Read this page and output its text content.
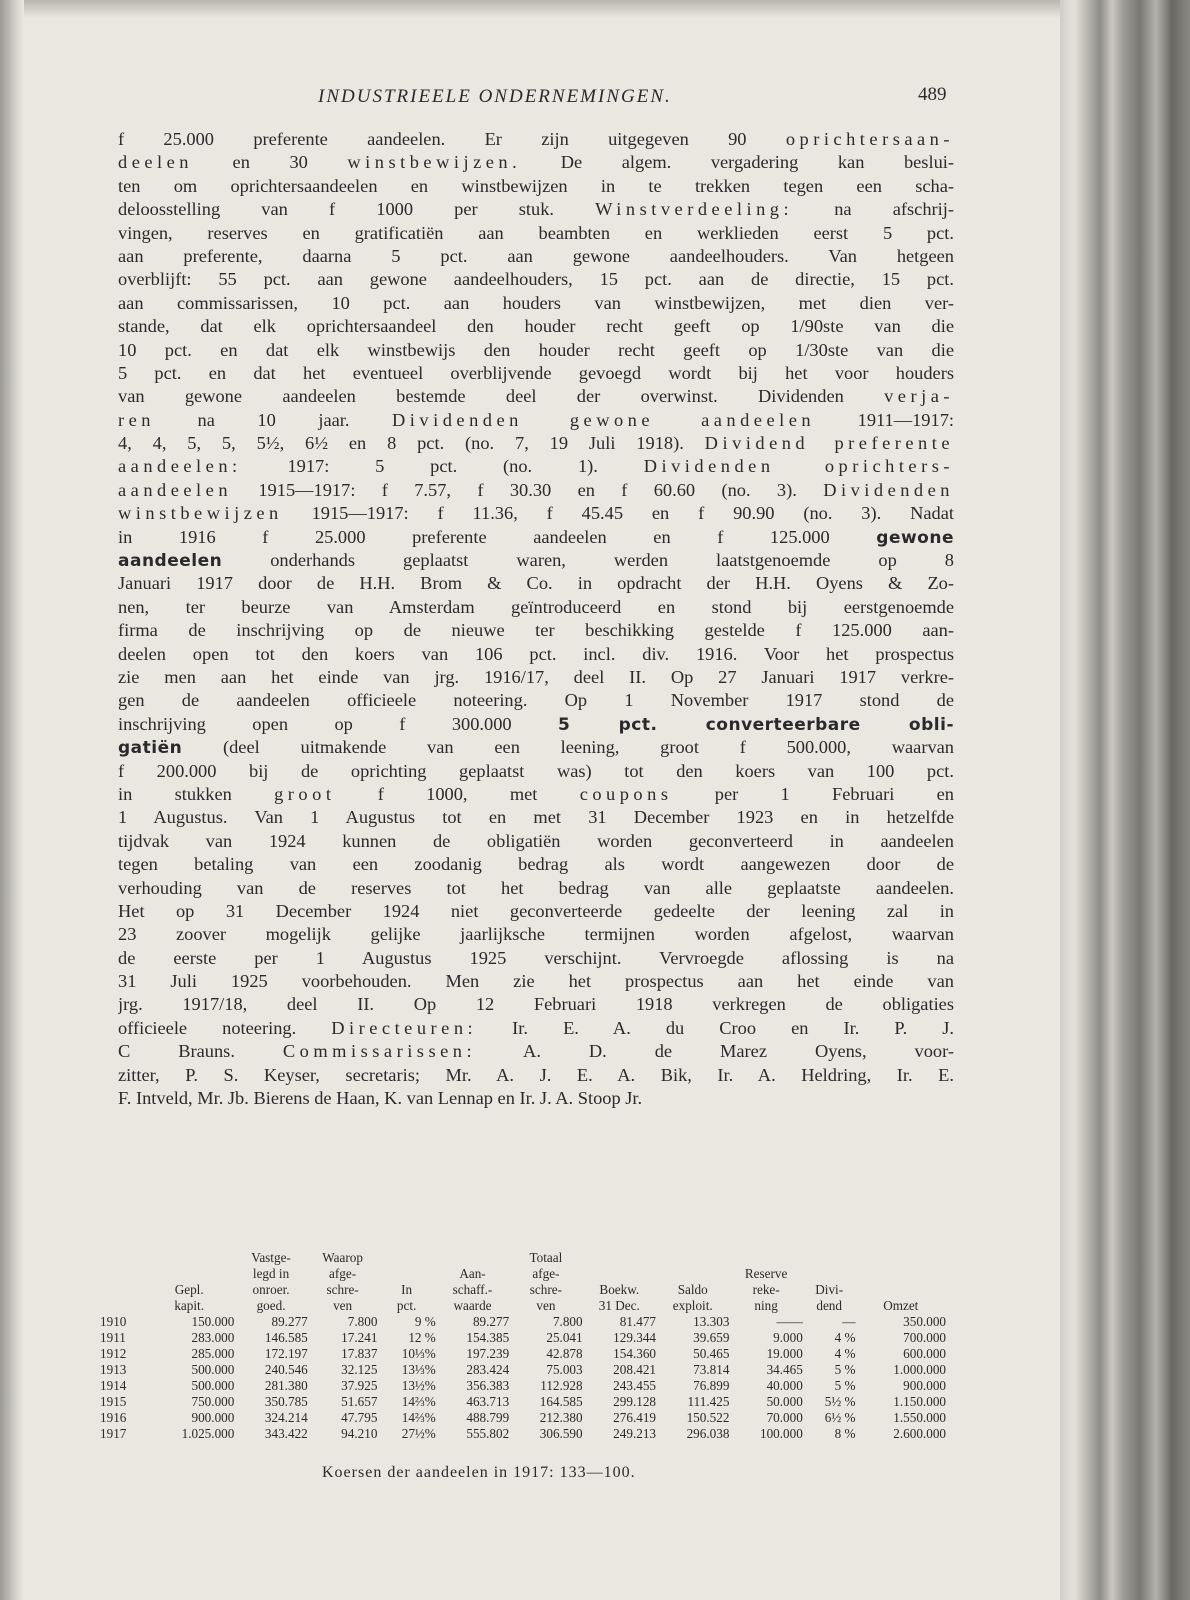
INDUSTRIEELE ONDERNEMINGEN.	489
f 25.000 preferente aandeelen. Er zijn uitgegeven 90 oprichtersaan-
deelen en 30 winstbewijzen. De algem. vergadering kan beslui-
ten om oprichtersaandeelen en winstbewijzen in te trekken tegen een scha-
deloosstelling van f 1000 per stuk. Winstverdeeling: na afschrij-
vingen, reserves en gratificatiën aan beambten en werklieden eerst 5 pct.
aan preferente, daarna 5 pct. aan gewone aandeelhouders. Van hetgeen
overblijft: 55 pct. aan gewone aandeelhouders, 15 pct. aan de directie, 15 pct.
aan commissarissen, 10 pct. aan houders van winstbewijzen, met dien ver-
stande, dat elk oprichtersaandeel den houder recht geeft op 1/90ste van die
10 pct. en dat elk winstbewijs den houder recht geeft op 1/30ste van die
5 pct. en dat het eventueel overblijvende gevoegd wordt bij het voor houders
van gewone aandeelen bestemde deel der overwinst. Dividenden verja-
ren na 10 jaar. Dividenden gewone aandeelen 1911—1917:
4, 4, 5, 5, 5½, 6½ en 8 pct. (no. 7, 19 Juli 1918). Dividend preferente
aandeelen: 1917: 5 pct. (no. 1). Dividenden oprichters-
aandeelen 1915—1917: f 7.57, f 30.30 en f 60.60 (no. 3). Dividenden
winstbewijzen 1915—1917: f 11.36, f 45.45 en f 90.90 (no. 3). Nadat
in 1916 f 25.000 preferente aandeelen en f 125.000 gewone
aandeelen onderhands geplaatst waren, werden laatstgenoemde op 8
Januari 1917 door de H.H. Brom & Co. in opdracht der H.H. Oyens & Zo-
nen, ter beurze van Amsterdam geïntroduceerd en stond bij eerstgenoemde
firma de inschrijving op de nieuwe ter beschikking gestelde f 125.000 aan-
deelen open tot den koers van 106 pct. incl. div. 1916. Voor het prospectus
zie men aan het einde van jrg. 1916/17, deel II. Op 27 Januari 1917 verkre-
gen de aandeelen officieele noteering. Op 1 November 1917 stond de
inschrijving open op f 300.000 5 pct. converteerbare obli-
gatiën (deel uitmakende van een leening, groot f 500.000, waarvan
f 200.000 bij de oprichting geplaatst was) tot den koers van 100 pct.
in stukken groot f 1000, met coupons per 1 Februari en
1 Augustus. Van 1 Augustus tot en met 31 December 1923 en in hetzelfde
tijdvak van 1924 kunnen de obligatiën worden geconverteerd in aandeelen
tegen betaling van een zoodanig bedrag als wordt aangewezen door de
verhouding van de reserves tot het bedrag van alle geplaatste aandeelen.
Het op 31 December 1924 niet geconverteerde gedeelte der leening zal in
23 zoover mogelijk gelijke jaarlijksche termijnen worden afgelost, waarvan
de eerste per 1 Augustus 1925 verschijnt. Vervroegde aflossing is na
31 Juli 1925 voorbehouden. Men zie het prospectus aan het einde van
jrg. 1917/18, deel II. Op 12 Februari 1918 verkregen de obligaties
officieele noteering. Directeuren: Ir. E. A. du Croo en Ir. P. J.
C Brauns. Commissarissen: A. D. de Marez Oyens, voor-
zitter, P. S. Keyser, secretaris; Mr. A. J. E. A. Bik, Ir. A. Heldring, Ir. E.
F. Intveld, Mr. Jb. Bierens de Haan, K. van Lennap en Ir. J. A. Stoop Jr.
		Vastge-	Waarop			Totaal					
		legd in	afge-		Aan-	afge-			Reserve		
	Gepl.	onroer.	schre-	In	schaff.-	schre-	Boekw.	Saldo	reke-	Divi-	
	kapit.	goed.	ven	pct.	waarde	ven	31 Dec.	exploit.	ning	dend	Omzet
1910	150.000	89.277	7.800	9 %	89.277	7.800	81.477	13.303	——	—	350.000
1911	283.000	146.585	17.241	12 %	154.385	25.041	129.344	39.659	9.000	4 %	700.000
1912	285.000	172.197	17.837	10⅓%	197.239	42.878	154.360	50.465	19.000	4 %	600.000
1913	500.000	240.546	32.125	13⅓%	283.424	75.003	208.421	73.814	34.465	5 %	1.000.000
1914	500.000	281.380	37.925	13½%	356.383	112.928	243.455	76.899	40.000	5 %	900.000
1915	750.000	350.785	51.657	14⅔%	463.713	164.585	299.128	111.425	50.000	5½ %	1.150.000
1916	900.000	324.214	47.795	14⅔%	488.799	212.380	276.419	150.522	70.000	6½ %	1.550.000
1917	1.025.000	343.422	94.210	27½%	555.802	306.590	249.213	296.038	100.000	8 %	2.600.000
Koersen der aandeelen in 1917: 133—100.
